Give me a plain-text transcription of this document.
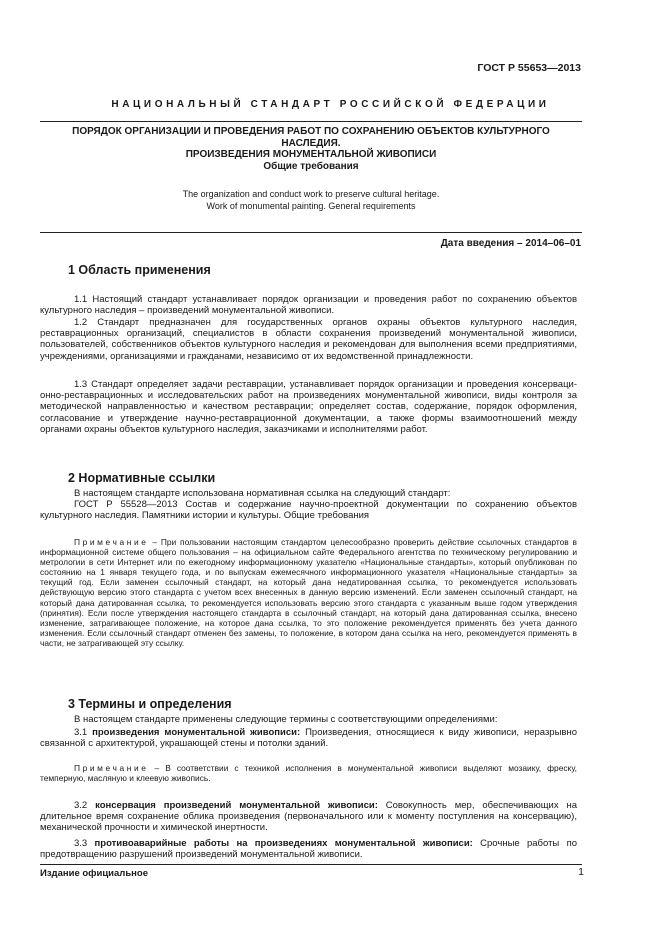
ГОСТ Р 55653—2013
НАЦИОНАЛЬНЫЙ СТАНДАРТ РОССИЙСКОЙ ФЕДЕРАЦИИ
ПОРЯДОК ОРГАНИЗАЦИИ И ПРОВЕДЕНИЯ РАБОТ ПО СОХРАНЕНИЮ ОБЪЕКТОВ КУЛЬТУРНОГО
НАСЛЕДИЯ.
ПРОИЗВЕДЕНИЯ МОНУМЕНТАЛЬНОЙ ЖИВОПИСИ
Общие требования
The organization and conduct work to preserve cultural heritage.
Work of monumental painting. General requirements
Дата введения – 2014–06–01
1 Область применения

1.1 Настоящий стандарт устанавливает порядок организации и проведения работ по сохранению объектов культурного наследия – произведений монументальной живописи.

1.2 Стандарт предназначен для государственных органов охраны объектов культурного наследия, реставрационных организаций, специалистов в области сохранения произведений монументальной живописи, пользователей, собственников объектов культурного наследия и рекомендован для выполнения всеми предприятиями, учреждениями, организациями и гражданами, независимо от их ведомственной принадлежности.

1.3 Стандарт определяет задачи реставрации, устанавливает порядок организации и проведения консервационно-реставрационных и исследовательских работ на произведениях монументальной живописи, виды контроля за методической направленностью и качеством реставрации; определяет состав, содержание, порядок оформления, согласование и утверждение научно-реставрационной документации, а также формы взаимоотношений между органами охраны объектов культурного наследия, заказчиками и исполнителями работ.

2 Нормативные ссылки

В настоящем стандарте использована нормативная ссылка на следующий стандарт:

ГОСТ Р 55528—2013 Состав и содержание научно-проектной документации по сохранению объектов культурного наследия. Памятники истории и культуры. Общие требования

Примечание – При пользовании настоящим стандартом целесообразно проверить действие ссылочных стандартов в информационной системе общего пользования – на официальном сайте Федерального агентства по техническому регулированию и метрологии в сети Интернет или по ежегодному информационному указателю «Национальные стандарты», который опубликован по состоянию на 1 января текущего года, и по выпускам ежемесячного информационного указателя «Национальные стандарты» за текущий год. Если заменен ссылочный стандарт, на который дана недатированная ссылка, то рекомендуется использовать действующую версию этого стандарта с учетом всех внесенных в данную версию изменений. Если заменен ссылочный стандарт, на который дана датированная ссылка, то рекомендуется использовать версию этого стандарта с указанным выше годом утверждения (принятия). Если после утверждения настоящего стандарта в ссылочный стандарт, на который дана датированная ссылка, внесено изменение, затрагивающее положение, на которое дана ссылка, то это положение рекомендуется применять без учета данного изменения. Если ссылочный стандарт отменен без замены, то положение, в котором дана ссылка на него, рекомендуется применять в части, не затрагивающей эту ссылку.

3 Термины и определения

В настоящем стандарте применены следующие термины с соответствующими определениями:

3.1 произведения монументальной живописи: Произведения, относящиеся к виду живописи, неразрывно связанной с архитектурой, украшающей стены и потолки зданий.

Примечание – В соответствии с техникой исполнения в монументальной живописи выделяют мозаику, фреску, темперную, масляную и клеевую живопись.

3.2 консервация произведений монументальной живописи: Совокупность мер, обеспечивающих на длительное время сохранение облика произведения (первоначального или к моменту поступления на консервацию), механической прочности и химической инертности.

3.3 противоаварийные работы на произведениях монументальной живописи: Срочные работы по предотвращению разрушений произведений монументальной живописи.

Издание официальное	1
